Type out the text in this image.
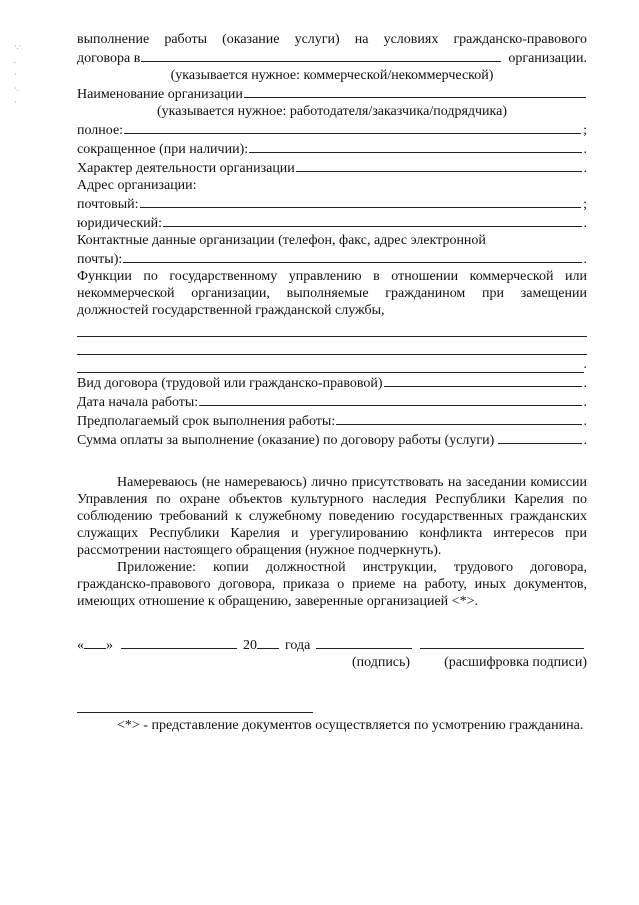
·.·
.
·
·.
·
выполнение работы (оказание услуги) на условиях гражданско-правового
договора в	организации.
(указывается нужное: коммерческой/некоммерческой)
Наименование организации
(указывается нужное: работодателя/заказчика/подрядчика)
полное:	;
сокращенное (при наличии):	.
Характер деятельности организации	.
Адрес организации:
почтовый:	;
юридический:	.
Контактные данные организации (телефон, факс, адрес электронной
почты):	.
Функции по государственному управлению в отношении коммерческой или некоммерческой организации, выполняемые гражданином при замещении должностей государственной гражданской службы,
.
Вид договора (трудовой или гражданско-правовой)	.
Дата начала работы:	.
Предполагаемый срок выполнения работы:	.
Сумма оплаты за выполнение (оказание) по договору работы (услуги)	.
Намереваюсь (не намереваюсь) лично присутствовать на заседании комиссии Управления по охране объектов культурного наследия Республики Карелия по соблюдению требований к служебному поведению государственных гражданских служащих Республики Карелия и урегулированию конфликта интересов при рассмотрении настоящего обращения (нужное подчеркнуть).
Приложение: копии должностной инструкции, трудового договора, гражданско-правового договора, приказа о приеме на работу, иных документов, имеющих отношение к обращению, заверенные организацией <*>.
« »	20 года
(подпись) (расшифровка подписи)
<*> - представление документов осуществляется по усмотрению гражданина.
